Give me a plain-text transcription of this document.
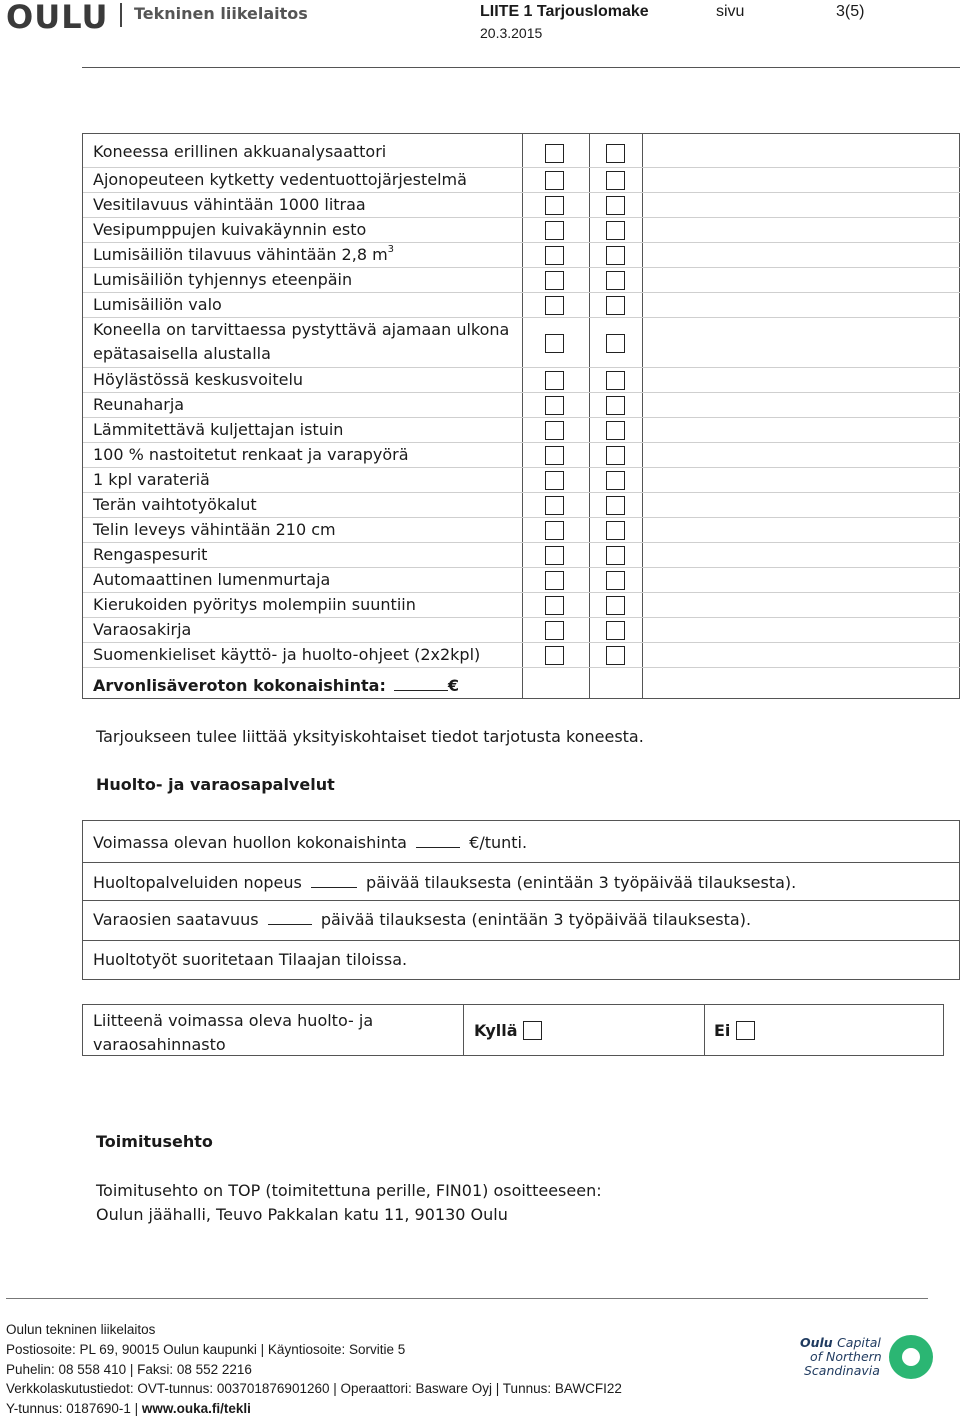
OULU Tekninen liikelaitos	LIITE 1 Tarjouslomake	sivu	3(5)
20.3.2015
Koneessa erillinen akkuanalysaattori
Ajonopeuteen kytketty vedentuottojärjestelmä
Vesitilavuus vähintään 1000 litraa
Vesipumppujen kuivakäynnin esto
Lumisäiliön tilavuus vähintään 2,8 $m^3$
Lumisäiliön tyhjennys eteenpäin
Lumisäiliön valo
Koneella on tarvittaessa pystyttävä ajamaan ulkona
epätasaisella alustalla
Höylästössä keskusvoitelu
Reunaharja
Lämmitettävä kuljettajan istuin
100 % nastoitetut renkaat ja varapyörä
1 kpl varateriä
Terän vaihtotyökalut
Telin leveys vähintään 210 cm
Rengaspesurit
Automaattinen lumenmurtaja
Kierukoiden pyöritys molempiin suuntiin
Varaosakirja
Suomenkieliset käyttö- ja huolto-ohjeet (2x2kpl)
Arvonlisäveroton kokonaishinta:	€
Tarjoukseen tulee liittää yksityiskohtaiset tiedot tarjotusta koneesta.
Huolto- ja varaosapalvelut
Voimassa olevan huollon kokonaishinta	€/tunti.
Huoltopalveluiden nopeus	päivää tilauksesta (enintään 3 työpäivää tilauksesta).
Varaosien saatavuus	päivää tilauksesta (enintään 3 työpäivää tilauksesta).
Huoltotyöt suoritetaan Tilaajan tiloissa.
Liitteenä voimassa oleva huolto- ja
varaosahinnasto
Kyllä	Ei
Toimitusehto
Toimitusehto on TOP (toimitettuna perille, FIN01) osoitteeseen:
Oulun jäähalli, Teuvo Pakkalan katu 11, 90130 Oulu
Oulun tekninen liikelaitos
Postiosoite: PL 69, 90015 Oulun kaupunki | Käyntiosoite: Sorvitie 5
Puhelin: 08 558 410 | Faksi: 08 552 2216
Verkkolaskutustiedot: OVT-tunnus: 003701876901260 | Operaattori: Basware Oyj | Tunnus: BAWCFI22
Y-tunnus: 0187690-1 | www.ouka.fi/tekli
Oulu Capital
of Northern
Scandinavia
